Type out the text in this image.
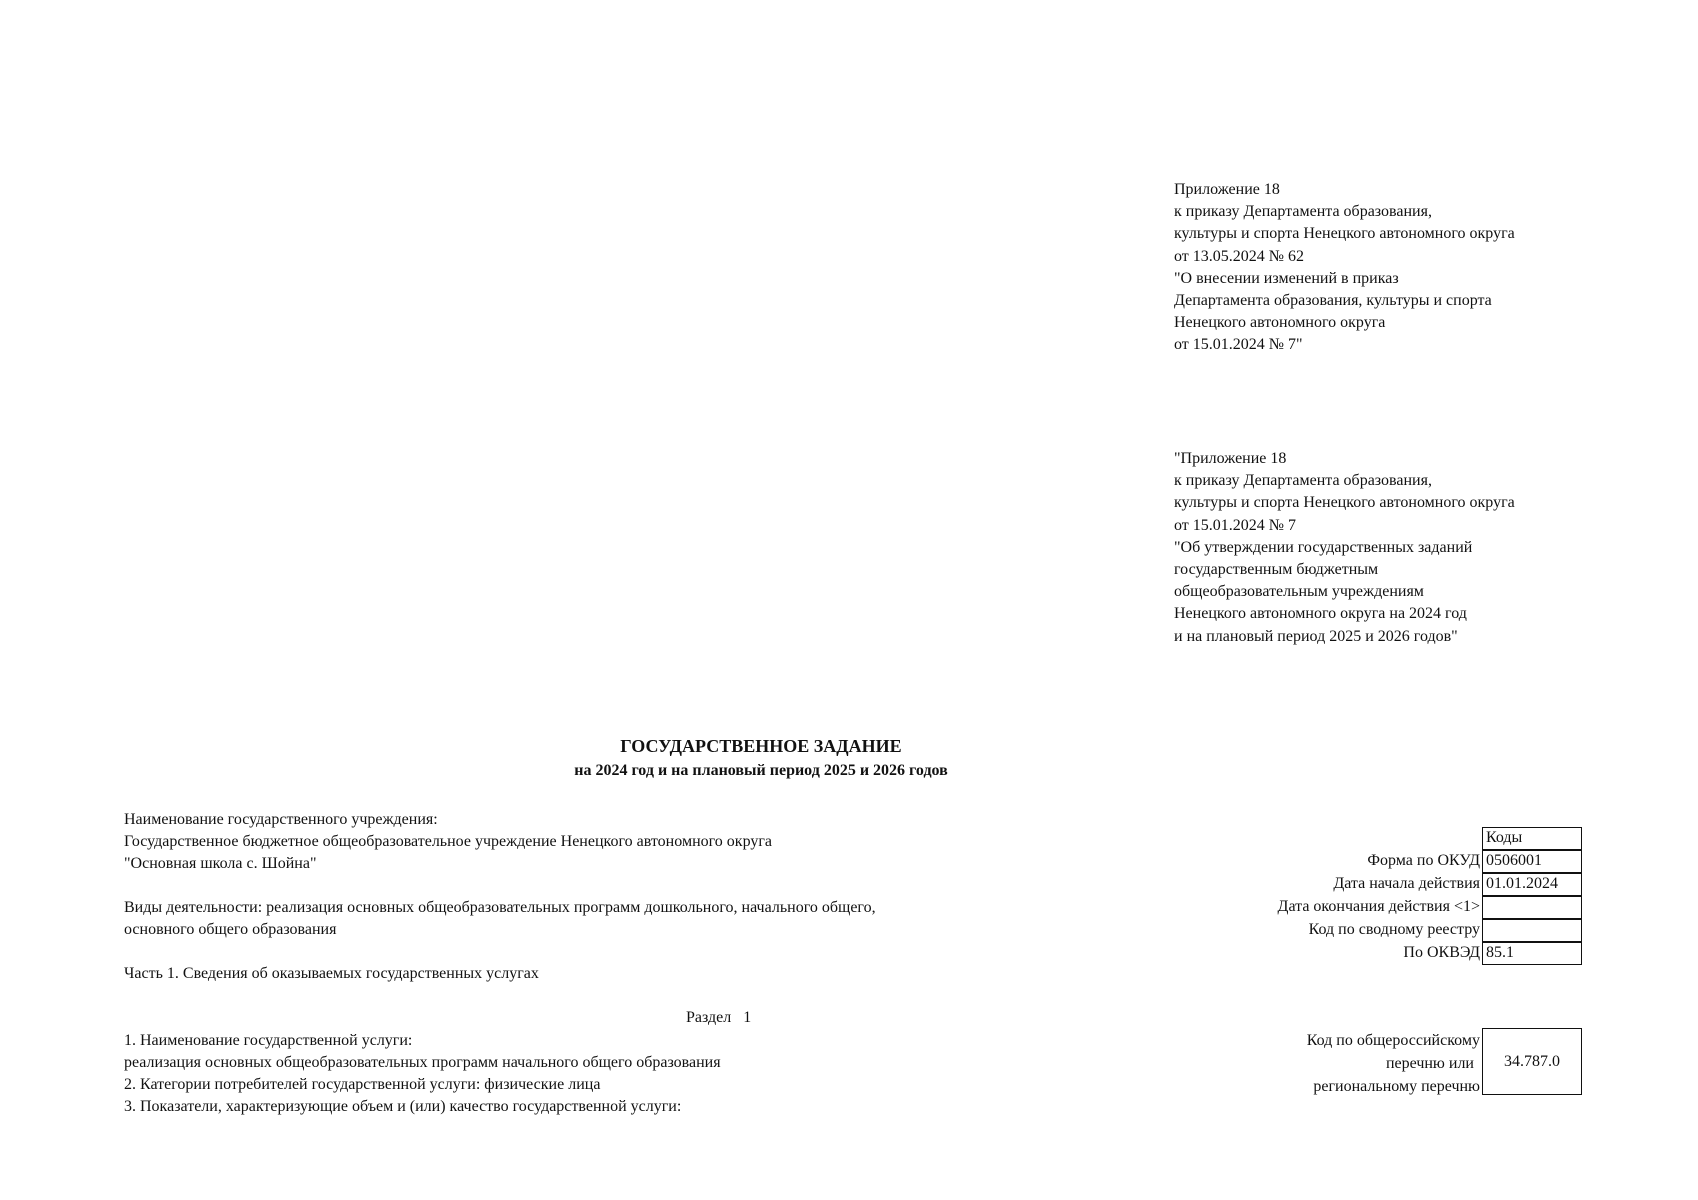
Приложение 18
к приказу Департамента образования,
культуры и спорта Ненецкого автономного округа
от 13.05.2024 № 62
"О внесении изменений в приказ
Департамента образования, культуры и спорта
Ненецкого автономного округа
от 15.01.2024 № 7"
"Приложение 18
к приказу Департамента образования,
культуры и спорта Ненецкого автономного округа
от 15.01.2024 № 7
"Об утверждении государственных заданий
государственным бюджетным
общеобразовательным учреждениям
Ненецкого автономного округа на 2024 год
и на плановый период 2025 и 2026 годов"
ГОСУДАРСТВЕННОЕ ЗАДАНИЕ
на 2024 год и на плановый период 2025 и 2026 годов
Наименование государственного учреждения:
Государственное бюджетное общеобразовательное учреждение Ненецкого автономного округа
"Основная школа с. Шойна"
Виды деятельности: реализация основных общеобразовательных программ дошкольного, начального общего,
основного общего образования
Часть 1. Сведения об оказываемых государственных услугах
Раздел   1
1. Наименование государственной услуги:
реализация основных общеобразовательных программ начального общего образования
2. Категории потребителей государственной услуги: физические лица
3. Показатели, характеризующие объем и (или) качество государственной услуги:
Коды
Форма по ОКУД 0506001
Дата начала действия 01.01.2024
Дата окончания действия <1>
Код по сводному реестру
По ОКВЭД 85.1
Код по общероссийскому
перечню или
региональному перечню
34.787.0
